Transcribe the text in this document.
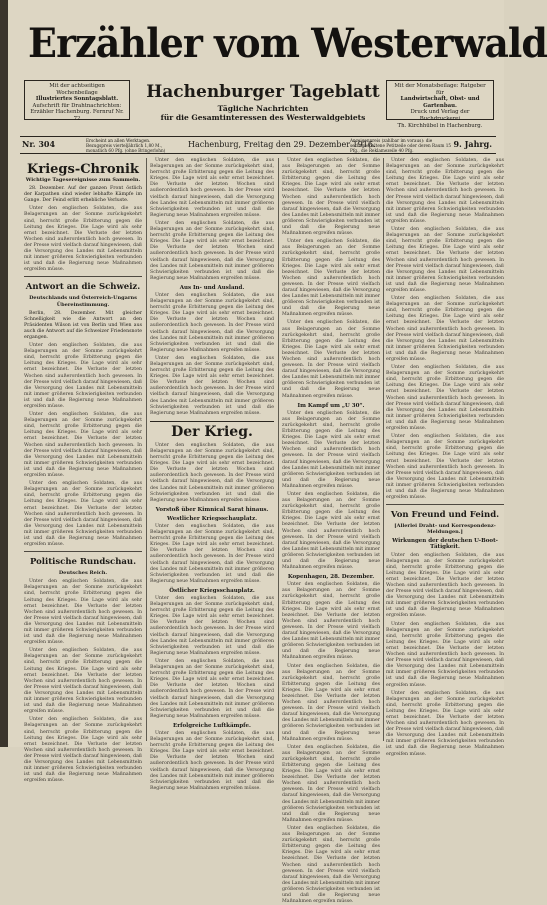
Erzähler vom Westerwald
Mit der achtseitigen Wochenbeilage
Illustriertes Sonntagsblatt.
Aufschrift für Drahtnachrichten:
Erzähler Hachenburg. Fernruf Nr. 72
Hachenburger Tageblatt
Tägliche Nachrichten
für die Gesamtinteressen des Westerwaldgebiets
Mit der Monatsbeilage: Ratgeber für
Landwirtschaft, Obst- und Gartenbau.
Druck und Verlag der Buchdruckerei
Th. Kirchhübel in Hachenburg.
Nr. 304	Erscheint an allen Werktagen. Bezugspreis vierteljährlich 1,80 M., monatlich 60 Pfg. (ohne Bringerlohn)
Hachenburg, Freitag den 29. Dezember 1916.
Anzeigenpreis (zahlbar im voraus): die sechsgespaltene Petitzeile oder deren Raum 15 Pfg., die Reklamezeile 40 Pfg.
9. Jahrg.
Kriegs-Chronik
Wichtige Tagesereignisse zum Sammeln.

28. Dezember. Auf der ganzen Front östlich der Karpathen sind wieder lebhafte Kämpfe im Gange. Der Feind erlitt erhebliche Verluste.

Unter den englischen Soldaten, die aus Belagerungen an der Somme zurückgekehrt sind, herrscht große Erbitterung gegen die Leitung des Krieges. Die Lage wird als sehr ernst bezeichnet. Die Verluste der letzten Wochen sind außerordentlich hoch gewesen. In der Presse wird vielfach darauf hingewiesen, daß die Versorgung des Landes mit Lebensmitteln mit immer größeren Schwierigkeiten verbunden ist und daß die Regierung neue Maßnahmen ergreifen müsse.

Antwort an die Schweiz.
Deutschlands und Österreich-Ungarns Übereinstimmung.

Berlin, 28. Dezember. Mit gleicher Schnelligkeit wie die Antwort an den Präsidenten Wilson ist von Berlin und Wien aus auch die Antwort auf die Schweizer Friedensnote ergangen.

Unter den englischen Soldaten, die aus Belagerungen an der Somme zurückgekehrt sind, herrscht große Erbitterung gegen die Leitung des Krieges. Die Lage wird als sehr ernst bezeichnet. Die Verluste der letzten Wochen sind außerordentlich hoch gewesen. In der Presse wird vielfach darauf hingewiesen, daß die Versorgung des Landes mit Lebensmitteln mit immer größeren Schwierigkeiten verbunden ist und daß die Regierung neue Maßnahmen ergreifen müsse.

Unter den englischen Soldaten, die aus Belagerungen an der Somme zurückgekehrt sind, herrscht große Erbitterung gegen die Leitung des Krieges. Die Lage wird als sehr ernst bezeichnet. Die Verluste der letzten Wochen sind außerordentlich hoch gewesen. In der Presse wird vielfach darauf hingewiesen, daß die Versorgung des Landes mit Lebensmitteln mit immer größeren Schwierigkeiten verbunden ist und daß die Regierung neue Maßnahmen ergreifen müsse.

Unter den englischen Soldaten, die aus Belagerungen an der Somme zurückgekehrt sind, herrscht große Erbitterung gegen die Leitung des Krieges. Die Lage wird als sehr ernst bezeichnet. Die Verluste der letzten Wochen sind außerordentlich hoch gewesen. In der Presse wird vielfach darauf hingewiesen, daß die Versorgung des Landes mit Lebensmitteln mit immer größeren Schwierigkeiten verbunden ist und daß die Regierung neue Maßnahmen ergreifen müsse.

Politische Rundschau.
Deutsches Reich.

Unter den englischen Soldaten, die aus Belagerungen an der Somme zurückgekehrt sind, herrscht große Erbitterung gegen die Leitung des Krieges. Die Lage wird als sehr ernst bezeichnet. Die Verluste der letzten Wochen sind außerordentlich hoch gewesen. In der Presse wird vielfach darauf hingewiesen, daß die Versorgung des Landes mit Lebensmitteln mit immer größeren Schwierigkeiten verbunden ist und daß die Regierung neue Maßnahmen ergreifen müsse.

Unter den englischen Soldaten, die aus Belagerungen an der Somme zurückgekehrt sind, herrscht große Erbitterung gegen die Leitung des Krieges. Die Lage wird als sehr ernst bezeichnet. Die Verluste der letzten Wochen sind außerordentlich hoch gewesen. In der Presse wird vielfach darauf hingewiesen, daß die Versorgung des Landes mit Lebensmitteln mit immer größeren Schwierigkeiten verbunden ist und daß die Regierung neue Maßnahmen ergreifen müsse.

Unter den englischen Soldaten, die aus Belagerungen an der Somme zurückgekehrt sind, herrscht große Erbitterung gegen die Leitung des Krieges. Die Lage wird als sehr ernst bezeichnet. Die Verluste der letzten Wochen sind außerordentlich hoch gewesen. In der Presse wird vielfach darauf hingewiesen, daß die Versorgung des Landes mit Lebensmitteln mit immer größeren Schwierigkeiten verbunden ist und daß die Regierung neue Maßnahmen ergreifen müsse.

Unter den englischen Soldaten, die aus Belagerungen an der Somme zurückgekehrt sind, herrscht große Erbitterung gegen die Leitung des Krieges. Die Lage wird als sehr ernst bezeichnet. Die Verluste der letzten Wochen sind außerordentlich hoch gewesen. In der Presse wird vielfach darauf hingewiesen, daß die Versorgung des Landes mit Lebensmitteln mit immer größeren Schwierigkeiten verbunden ist und daß die Regierung neue Maßnahmen ergreifen müsse.

Unter den englischen Soldaten, die aus Belagerungen an der Somme zurückgekehrt sind, herrscht große Erbitterung gegen die Leitung des Krieges. Die Lage wird als sehr ernst bezeichnet. Die Verluste der letzten Wochen sind außerordentlich hoch gewesen. In der Presse wird vielfach darauf hingewiesen, daß die Versorgung des Landes mit Lebensmitteln mit immer größeren Schwierigkeiten verbunden ist und daß die Regierung neue Maßnahmen ergreifen müsse.

Aus In- und Ausland.

Unter den englischen Soldaten, die aus Belagerungen an der Somme zurückgekehrt sind, herrscht große Erbitterung gegen die Leitung des Krieges. Die Lage wird als sehr ernst bezeichnet. Die Verluste der letzten Wochen sind außerordentlich hoch gewesen. In der Presse wird vielfach darauf hingewiesen, daß die Versorgung des Landes mit Lebensmitteln mit immer größeren Schwierigkeiten verbunden ist und daß die Regierung neue Maßnahmen ergreifen müsse.

Unter den englischen Soldaten, die aus Belagerungen an der Somme zurückgekehrt sind, herrscht große Erbitterung gegen die Leitung des Krieges. Die Lage wird als sehr ernst bezeichnet. Die Verluste der letzten Wochen sind außerordentlich hoch gewesen. In der Presse wird vielfach darauf hingewiesen, daß die Versorgung des Landes mit Lebensmitteln mit immer größeren Schwierigkeiten verbunden ist und daß die Regierung neue Maßnahmen ergreifen müsse.

Der Krieg.

Unter den englischen Soldaten, die aus Belagerungen an der Somme zurückgekehrt sind, herrscht große Erbitterung gegen die Leitung des Krieges. Die Lage wird als sehr ernst bezeichnet. Die Verluste der letzten Wochen sind außerordentlich hoch gewesen. In der Presse wird vielfach darauf hingewiesen, daß die Versorgung des Landes mit Lebensmitteln mit immer größeren Schwierigkeiten verbunden ist und daß die Regierung neue Maßnahmen ergreifen müsse.

Vorstoß über Kimnical Sarat hinaus.
Westlicher Kriegsschauplatz.

Unter den englischen Soldaten, die aus Belagerungen an der Somme zurückgekehrt sind, herrscht große Erbitterung gegen die Leitung des Krieges. Die Lage wird als sehr ernst bezeichnet. Die Verluste der letzten Wochen sind außerordentlich hoch gewesen. In der Presse wird vielfach darauf hingewiesen, daß die Versorgung des Landes mit Lebensmitteln mit immer größeren Schwierigkeiten verbunden ist und daß die Regierung neue Maßnahmen ergreifen müsse.

Östlicher Kriegsschauplatz.

Unter den englischen Soldaten, die aus Belagerungen an der Somme zurückgekehrt sind, herrscht große Erbitterung gegen die Leitung des Krieges. Die Lage wird als sehr ernst bezeichnet. Die Verluste der letzten Wochen sind außerordentlich hoch gewesen. In der Presse wird vielfach darauf hingewiesen, daß die Versorgung des Landes mit Lebensmitteln mit immer größeren Schwierigkeiten verbunden ist und daß die Regierung neue Maßnahmen ergreifen müsse.

Unter den englischen Soldaten, die aus Belagerungen an der Somme zurückgekehrt sind, herrscht große Erbitterung gegen die Leitung des Krieges. Die Lage wird als sehr ernst bezeichnet. Die Verluste der letzten Wochen sind außerordentlich hoch gewesen. In der Presse wird vielfach darauf hingewiesen, daß die Versorgung des Landes mit Lebensmitteln mit immer größeren Schwierigkeiten verbunden ist und daß die Regierung neue Maßnahmen ergreifen müsse.

Erfolgreiche Luftkämpfe.

Unter den englischen Soldaten, die aus Belagerungen an der Somme zurückgekehrt sind, herrscht große Erbitterung gegen die Leitung des Krieges. Die Lage wird als sehr ernst bezeichnet. Die Verluste der letzten Wochen sind außerordentlich hoch gewesen. In der Presse wird vielfach darauf hingewiesen, daß die Versorgung des Landes mit Lebensmitteln mit immer größeren Schwierigkeiten verbunden ist und daß die Regierung neue Maßnahmen ergreifen müsse.

Unter den englischen Soldaten, die aus Belagerungen an der Somme zurückgekehrt sind, herrscht große Erbitterung gegen die Leitung des Krieges. Die Lage wird als sehr ernst bezeichnet. Die Verluste der letzten Wochen sind außerordentlich hoch gewesen. In der Presse wird vielfach darauf hingewiesen, daß die Versorgung des Landes mit Lebensmitteln mit immer größeren Schwierigkeiten verbunden ist und daß die Regierung neue Maßnahmen ergreifen müsse.

Unter den englischen Soldaten, die aus Belagerungen an der Somme zurückgekehrt sind, herrscht große Erbitterung gegen die Leitung des Krieges. Die Lage wird als sehr ernst bezeichnet. Die Verluste der letzten Wochen sind außerordentlich hoch gewesen. In der Presse wird vielfach darauf hingewiesen, daß die Versorgung des Landes mit Lebensmitteln mit immer größeren Schwierigkeiten verbunden ist und daß die Regierung neue Maßnahmen ergreifen müsse.

Unter den englischen Soldaten, die aus Belagerungen an der Somme zurückgekehrt sind, herrscht große Erbitterung gegen die Leitung des Krieges. Die Lage wird als sehr ernst bezeichnet. Die Verluste der letzten Wochen sind außerordentlich hoch gewesen. In der Presse wird vielfach darauf hingewiesen, daß die Versorgung des Landes mit Lebensmitteln mit immer größeren Schwierigkeiten verbunden ist und daß die Regierung neue Maßnahmen ergreifen müsse.

Im Kampf um „U 30“.

Unter den englischen Soldaten, die aus Belagerungen an der Somme zurückgekehrt sind, herrscht große Erbitterung gegen die Leitung des Krieges. Die Lage wird als sehr ernst bezeichnet. Die Verluste der letzten Wochen sind außerordentlich hoch gewesen. In der Presse wird vielfach darauf hingewiesen, daß die Versorgung des Landes mit Lebensmitteln mit immer größeren Schwierigkeiten verbunden ist und daß die Regierung neue Maßnahmen ergreifen müsse.

Unter den englischen Soldaten, die aus Belagerungen an der Somme zurückgekehrt sind, herrscht große Erbitterung gegen die Leitung des Krieges. Die Lage wird als sehr ernst bezeichnet. Die Verluste der letzten Wochen sind außerordentlich hoch gewesen. In der Presse wird vielfach darauf hingewiesen, daß die Versorgung des Landes mit Lebensmitteln mit immer größeren Schwierigkeiten verbunden ist und daß die Regierung neue Maßnahmen ergreifen müsse.

Kopenhagen, 28. Dezember.

Unter den englischen Soldaten, die aus Belagerungen an der Somme zurückgekehrt sind, herrscht große Erbitterung gegen die Leitung des Krieges. Die Lage wird als sehr ernst bezeichnet. Die Verluste der letzten Wochen sind außerordentlich hoch gewesen. In der Presse wird vielfach darauf hingewiesen, daß die Versorgung des Landes mit Lebensmitteln mit immer größeren Schwierigkeiten verbunden ist und daß die Regierung neue Maßnahmen ergreifen müsse.

Unter den englischen Soldaten, die aus Belagerungen an der Somme zurückgekehrt sind, herrscht große Erbitterung gegen die Leitung des Krieges. Die Lage wird als sehr ernst bezeichnet. Die Verluste der letzten Wochen sind außerordentlich hoch gewesen. In der Presse wird vielfach darauf hingewiesen, daß die Versorgung des Landes mit Lebensmitteln mit immer größeren Schwierigkeiten verbunden ist und daß die Regierung neue Maßnahmen ergreifen müsse.

Unter den englischen Soldaten, die aus Belagerungen an der Somme zurückgekehrt sind, herrscht große Erbitterung gegen die Leitung des Krieges. Die Lage wird als sehr ernst bezeichnet. Die Verluste der letzten Wochen sind außerordentlich hoch gewesen. In der Presse wird vielfach darauf hingewiesen, daß die Versorgung des Landes mit Lebensmitteln mit immer größeren Schwierigkeiten verbunden ist und daß die Regierung neue Maßnahmen ergreifen müsse.

Unter den englischen Soldaten, die aus Belagerungen an der Somme zurückgekehrt sind, herrscht große Erbitterung gegen die Leitung des Krieges. Die Lage wird als sehr ernst bezeichnet. Die Verluste der letzten Wochen sind außerordentlich hoch gewesen. In der Presse wird vielfach darauf hingewiesen, daß die Versorgung des Landes mit Lebensmitteln mit immer größeren Schwierigkeiten verbunden ist und daß die Regierung neue Maßnahmen ergreifen müsse.

Unter den englischen Soldaten, die aus Belagerungen an der Somme zurückgekehrt sind, herrscht große Erbitterung gegen die Leitung des Krieges. Die Lage wird als sehr ernst bezeichnet. Die Verluste der letzten Wochen sind außerordentlich hoch gewesen. In der Presse wird vielfach darauf hingewiesen, daß die Versorgung des Landes mit Lebensmitteln mit immer größeren Schwierigkeiten verbunden ist und daß die Regierung neue Maßnahmen ergreifen müsse.

Unter den englischen Soldaten, die aus Belagerungen an der Somme zurückgekehrt sind, herrscht große Erbitterung gegen die Leitung des Krieges. Die Lage wird als sehr ernst bezeichnet. Die Verluste der letzten Wochen sind außerordentlich hoch gewesen. In der Presse wird vielfach darauf hingewiesen, daß die Versorgung des Landes mit Lebensmitteln mit immer größeren Schwierigkeiten verbunden ist und daß die Regierung neue Maßnahmen ergreifen müsse.

Unter den englischen Soldaten, die aus Belagerungen an der Somme zurückgekehrt sind, herrscht große Erbitterung gegen die Leitung des Krieges. Die Lage wird als sehr ernst bezeichnet. Die Verluste der letzten Wochen sind außerordentlich hoch gewesen. In der Presse wird vielfach darauf hingewiesen, daß die Versorgung des Landes mit Lebensmitteln mit immer größeren Schwierigkeiten verbunden ist und daß die Regierung neue Maßnahmen ergreifen müsse.

Unter den englischen Soldaten, die aus Belagerungen an der Somme zurückgekehrt sind, herrscht große Erbitterung gegen die Leitung des Krieges. Die Lage wird als sehr ernst bezeichnet. Die Verluste der letzten Wochen sind außerordentlich hoch gewesen. In der Presse wird vielfach darauf hingewiesen, daß die Versorgung des Landes mit Lebensmitteln mit immer größeren Schwierigkeiten verbunden ist und daß die Regierung neue Maßnahmen ergreifen müsse.

Unter den englischen Soldaten, die aus Belagerungen an der Somme zurückgekehrt sind, herrscht große Erbitterung gegen die Leitung des Krieges. Die Lage wird als sehr ernst bezeichnet. Die Verluste der letzten Wochen sind außerordentlich hoch gewesen. In der Presse wird vielfach darauf hingewiesen, daß die Versorgung des Landes mit Lebensmitteln mit immer größeren Schwierigkeiten verbunden ist und daß die Regierung neue Maßnahmen ergreifen müsse.

Von Freund und Feind.
[Allerlei Draht- und Korrespondenz-Meldungen.]
Wirkungen der deutschen U-Boot-Tätigkeit.

Unter den englischen Soldaten, die aus Belagerungen an der Somme zurückgekehrt sind, herrscht große Erbitterung gegen die Leitung des Krieges. Die Lage wird als sehr ernst bezeichnet. Die Verluste der letzten Wochen sind außerordentlich hoch gewesen. In der Presse wird vielfach darauf hingewiesen, daß die Versorgung des Landes mit Lebensmitteln mit immer größeren Schwierigkeiten verbunden ist und daß die Regierung neue Maßnahmen ergreifen müsse.

Unter den englischen Soldaten, die aus Belagerungen an der Somme zurückgekehrt sind, herrscht große Erbitterung gegen die Leitung des Krieges. Die Lage wird als sehr ernst bezeichnet. Die Verluste der letzten Wochen sind außerordentlich hoch gewesen. In der Presse wird vielfach darauf hingewiesen, daß die Versorgung des Landes mit Lebensmitteln mit immer größeren Schwierigkeiten verbunden ist und daß die Regierung neue Maßnahmen ergreifen müsse.

Unter den englischen Soldaten, die aus Belagerungen an der Somme zurückgekehrt sind, herrscht große Erbitterung gegen die Leitung des Krieges. Die Lage wird als sehr ernst bezeichnet. Die Verluste der letzten Wochen sind außerordentlich hoch gewesen. In der Presse wird vielfach darauf hingewiesen, daß die Versorgung des Landes mit Lebensmitteln mit immer größeren Schwierigkeiten verbunden ist und daß die Regierung neue Maßnahmen ergreifen müsse.
